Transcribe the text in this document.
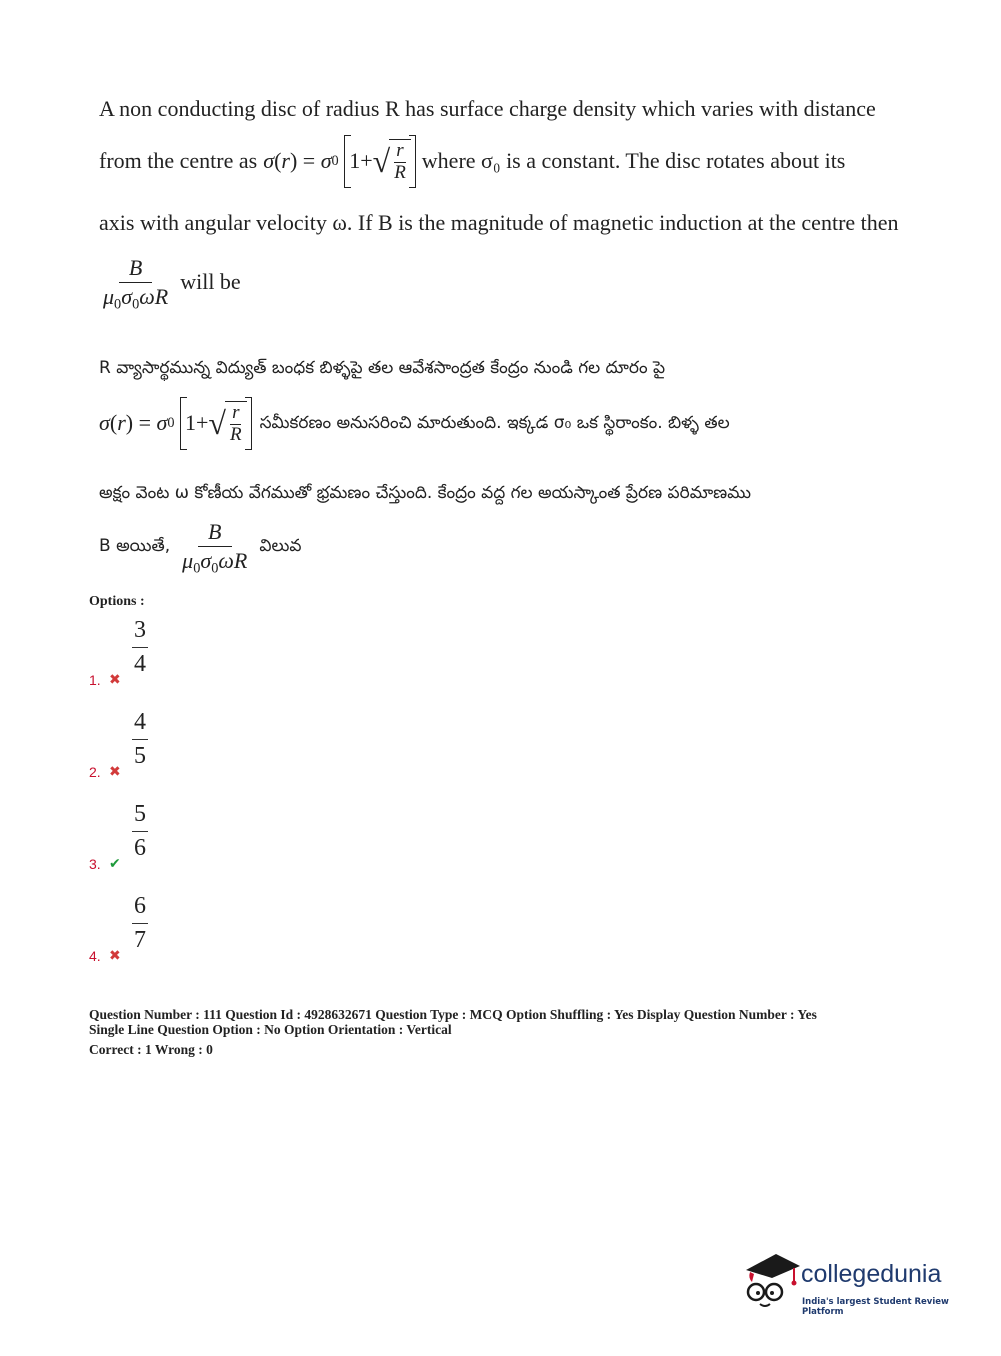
A non conducting disc of radius R has surface charge density which varies with distance
from the centre as σ ( r ) = σ 0
1+ √ $\frac{r}{R}$ where σ₀ is a constant. The disc rotates about its
axis with angular velocity ω. If B is the magnitude of magnetic induction at the centre then
$\frac{B}{\mu_0\sigma_0\omega R}$ will be
R వ్యాసార్థమున్న విద్యుత్ బంధక బిళ్ళపై తల ఆవేశసాంద్రత కేంద్రం నుండి గల దూరం పై
σ ( r ) = σ 0
1+ √ $\frac{r}{R}$ సమీకరణం అనుసరించి మారుతుంది. ఇక్కడ σ₀ ఒక స్థిరాంకం. బిళ్ళ తల
అక్షం వెంట ω కోణీయ వేగముతో భ్రమణం చేస్తుంది. కేంద్రం వద్ద గల అయస్కాంత ప్రేరణ పరిమాణము
B అయితే, $\frac{B}{\mu_0\sigma_0\omega R}$ విలువ
Options :
1. ✖
$\frac{3}{4}$
2. ✖
$\frac{4}{5}$
3. ✔
$\frac{5}{6}$
4. ✖
$\frac{6}{7}$
Question Number : 111 Question Id : 4928632671 Question Type : MCQ Option Shuffling : Yes Display Question Number : Yes
Single Line Question Option : No Option Orientation : Vertical
Correct : 1 Wrong : 0
collegedunia
India's largest Student Review Platform
